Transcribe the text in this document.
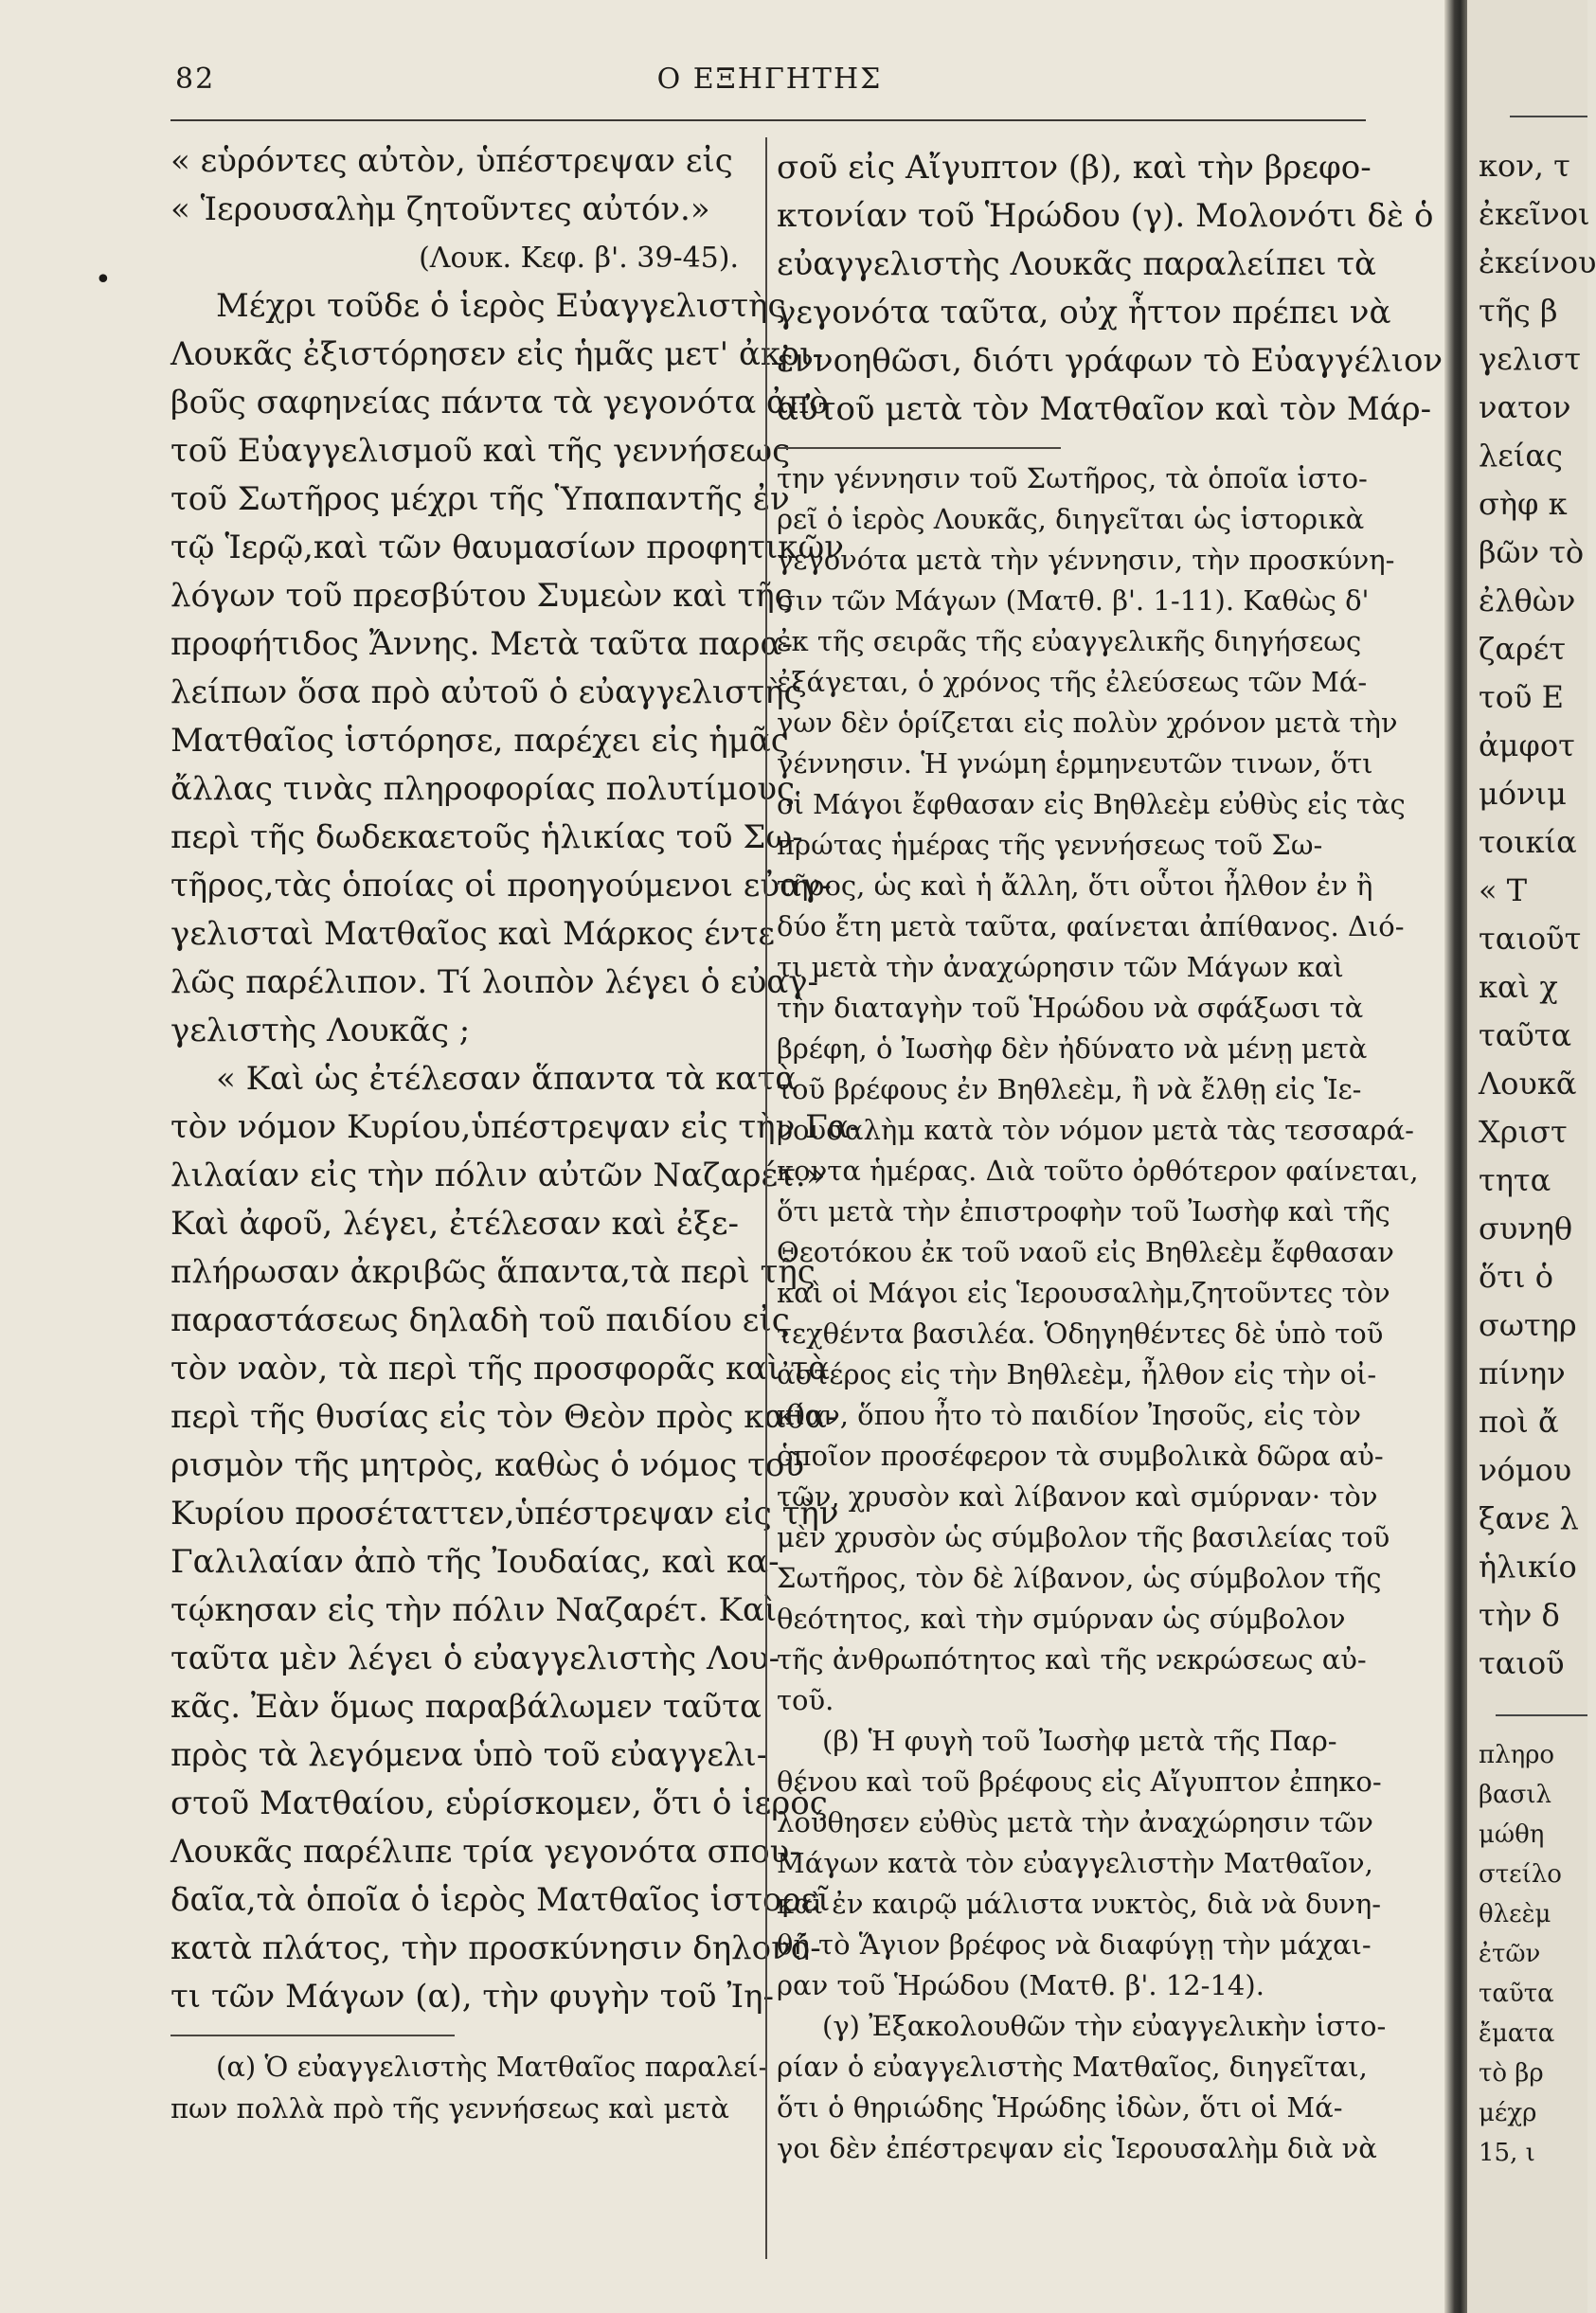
•
82	Ο ΕΞΗΓΗΤΗΣ
« εὑρόντες αὐτὸν, ὑπέστρεψαν εἰς
« Ἱερουσαλὴμ ζητοῦντες αὐτόν.»
(Λουκ. Κεφ. β'. 39-45).
Μέχρι τοῦδε ὁ ἱερὸς Εὐαγγελιστὴς
Λουκᾶς ἐξιστόρησεν εἰς ἡμᾶς μετ' ἀκρι-
βοῦς σαφηνείας πάντα τὰ γεγονότα ἀπὸ
τοῦ Εὐαγγελισμοῦ καὶ τῆς γεννήσεως
τοῦ Σωτῆρος μέχρι τῆς Ὑπαπαντῆς ἐν
τῷ Ἱερῷ,καὶ τῶν θαυμασίων προφητικῶν
λόγων τοῦ πρεσβύτου Συμεὼν καὶ τῆς
προφήτιδος Ἄννης. Μετὰ ταῦτα παρα-
λείπων ὅσα πρὸ αὐτοῦ ὁ εὐαγγελιστὴς
Ματθαῖος ἱστόρησε, παρέχει εἰς ἡμᾶς
ἄλλας τινὰς πληροφορίας πολυτίμους
περὶ τῆς δωδεκαετοῦς ἡλικίας τοῦ Σω-
τῆρος,τὰς ὁποίας οἱ προηγούμενοι εὐαγ-
γελισταὶ Ματθαῖος καὶ Μάρκος έντε
λῶς παρέλιπον. Τί λοιπὸν λέγει ὁ εὐαγ-
γελιστὴς Λουκᾶς ;
« Καὶ ὡς ἐτέλεσαν ἅπαντα τὰ κατὰ
τὸν νόμον Κυρίου,ὑπέστρεψαν εἰς τὴν Γα-
λιλαίαν εἰς τὴν πόλιν αὐτῶν Ναζαρέτ.»
Καὶ ἀφοῦ, λέγει, ἐτέλεσαν καὶ ἐξε-
πλήρωσαν ἀκριβῶς ἅπαντα,τὰ περὶ τῆς
παραστάσεως δηλαδὴ τοῦ παιδίου εἰς
τὸν ναὸν, τὰ περὶ τῆς προσφορᾶς καὶ τὰ
περὶ τῆς θυσίας εἰς τὸν Θεὸν πρὸς καθα-
ρισμὸν τῆς μητρὸς, καθὼς ὁ νόμος τοῦ
Κυρίου προσέταττεν,ὑπέστρεψαν εἰς τὴν
Γαλιλαίαν ἀπὸ τῆς Ἰουδαίας, καὶ κα-
τῴκησαν εἰς τὴν πόλιν Ναζαρέτ. Καὶ
ταῦτα μὲν λέγει ὁ εὐαγγελιστὴς Λου-
κᾶς. Ἐὰν ὅμως παραβάλωμεν ταῦτα
πρὸς τὰ λεγόμενα ὑπὸ τοῦ εὐαγγελι-
στοῦ Ματθαίου, εὑρίσκομεν, ὅτι ὁ ἱερὸς
Λουκᾶς παρέλιπε τρία γεγονότα σπου-
δαῖα,τὰ ὁποῖα ὁ ἱερὸς Ματθαῖος ἱστορεῖ
κατὰ πλάτος, τὴν προσκύνησιν δηλονό-
τι τῶν Μάγων (α), τὴν φυγὴν τοῦ Ἰη-
(α) Ὁ εὐαγγελιστὴς Ματθαῖος παραλεί-
πων πολλὰ πρὸ τῆς γεννήσεως καὶ μετὰ
σοῦ εἰς Αἴγυπτον (β), καὶ τὴν βρεφο-
κτονίαν τοῦ Ἡρώδου (γ). Μολονότι δὲ ὁ
εὐαγγελιστὴς Λουκᾶς παραλείπει τὰ
γεγονότα ταῦτα, οὐχ ἧττον πρέπει νὰ
ἐννοηθῶσι, διότι γράφων τὸ Εὐαγγέλιον
αὐτοῦ μετὰ τὸν Ματθαῖον καὶ τὸν Μάρ-
την γέννησιν τοῦ Σωτῆρος, τὰ ὁποῖα ἱστο-
ρεῖ ὁ ἱερὸς Λουκᾶς, διηγεῖται ὡς ἱστορικὰ
γεγονότα μετὰ τὴν γέννησιν, τὴν προσκύνη-
σιν τῶν Μάγων (Ματθ. β'. 1-11). Καθὼς δ'
ἐκ τῆς σειρᾶς τῆς εὐαγγελικῆς διηγήσεως
ἐξάγεται, ὁ χρόνος τῆς ἐλεύσεως τῶν Μά-
γων δὲν ὁρίζεται εἰς πολὺν χρόνον μετὰ τὴν
γέννησιν. Ἡ γνώμη ἑρμηνευτῶν τινων, ὅτι
οἱ Μάγοι ἔφθασαν εἰς Βηθλεὲμ εὐθὺς εἰς τὰς
πρώτας ἡμέρας τῆς γεννήσεως τοῦ Σω-
τῆρος, ὡς καὶ ἡ ἄλλη, ὅτι οὗτοι ἦλθον ἐν ἢ
δύο ἔτη μετὰ ταῦτα, φαίνεται ἀπίθανος. Διό-
τι μετὰ τὴν ἀναχώρησιν τῶν Μάγων καὶ
τὴν διαταγὴν τοῦ Ἡρώδου νὰ σφάξωσι τὰ
βρέφη, ὁ Ἰωσὴφ δὲν ἠδύνατο νὰ μένῃ μετὰ
τοῦ βρέφους ἐν Βηθλεὲμ, ἢ νὰ ἔλθῃ εἰς Ἱε-
ρουσαλὴμ κατὰ τὸν νόμον μετὰ τὰς τεσσαρά-
κοντα ἡμέρας. Διὰ τοῦτο ὀρθότερον φαίνεται,
ὅτι μετὰ τὴν ἐπιστροφὴν τοῦ Ἰωσὴφ καὶ τῆς
Θεοτόκου ἐκ τοῦ ναοῦ εἰς Βηθλεὲμ ἔφθασαν
καὶ οἱ Μάγοι εἰς Ἱερουσαλὴμ,ζητοῦντες τὸν
τεχθέντα βασιλέα. Ὁδηγηθέντες δὲ ὑπὸ τοῦ
ἀστέρος εἰς τὴν Βηθλεὲμ, ἦλθον εἰς τὴν οἰ-
κίαν, ὅπου ἦτο τὸ παιδίον Ἰησοῦς, εἰς τὸν
ὁποῖον προσέφερον τὰ συμβολικὰ δῶρα αὐ-
τῶν, χρυσὸν καὶ λίβανον καὶ σμύρναν· τὸν
μὲν χρυσὸν ὡς σύμβολον τῆς βασιλείας τοῦ
Σωτῆρος, τὸν δὲ λίβανον, ὡς σύμβολον τῆς
θεότητος, καὶ τὴν σμύρναν ὡς σύμβολον
τῆς ἀνθρωπότητος καὶ τῆς νεκρώσεως αὐ-
τοῦ.
(β) Ἡ φυγὴ τοῦ Ἰωσὴφ μετὰ τῆς Παρ-
θένου καὶ τοῦ βρέφους εἰς Αἴγυπτον ἐπηκο-
λούθησεν εὐθὺς μετὰ τὴν ἀναχώρησιν τῶν
Μάγων κατὰ τὸν εὐαγγελιστὴν Ματθαῖον,
καὶ ἐν καιρῷ μάλιστα νυκτὸς, διὰ νὰ δυνη-
θῇ τὸ Ἅγιον βρέφος νὰ διαφύγῃ τὴν μάχαι-
ραν τοῦ Ἡρώδου (Ματθ. β'. 12-14).
(γ) Ἐξακολουθῶν τὴν εὐαγγελικὴν ἱστο-
ρίαν ὁ εὐαγγελιστὴς Ματθαῖος, διηγεῖται,
ὅτι ὁ θηριώδης Ἡρώδης ἰδὼν, ὅτι οἱ Μά-
γοι δὲν ἐπέστρεψαν εἰς Ἱερουσαλὴμ διὰ νὰ
κον, τ
ἐκεῖνοι
ἐκείνου
τῆς β
γελιστ
νατον
λείας
σὴφ κ
βῶν τὸ
ἐλθὼν
ζαρέτ
τοῦ Ε
ἀμφοτ
μόνιμ
τοικία
« Τ
ταιοῦτ
καὶ χ
ταῦτα
Λουκᾶ
Χριστ
τητα
συνηθ
ὅτι ὁ
σωτηρ
πίνην
ποὶ ἄ
νόμου
ξανε λ
ἡλικίο
τὴν δ
ταιοῦ
πληρο
βασιλ
μώθη
στείλο
θλεὲμ
ἐτῶν
ταῦτα
ἔματα
τὸ βρ
μέχρ
15, ι
